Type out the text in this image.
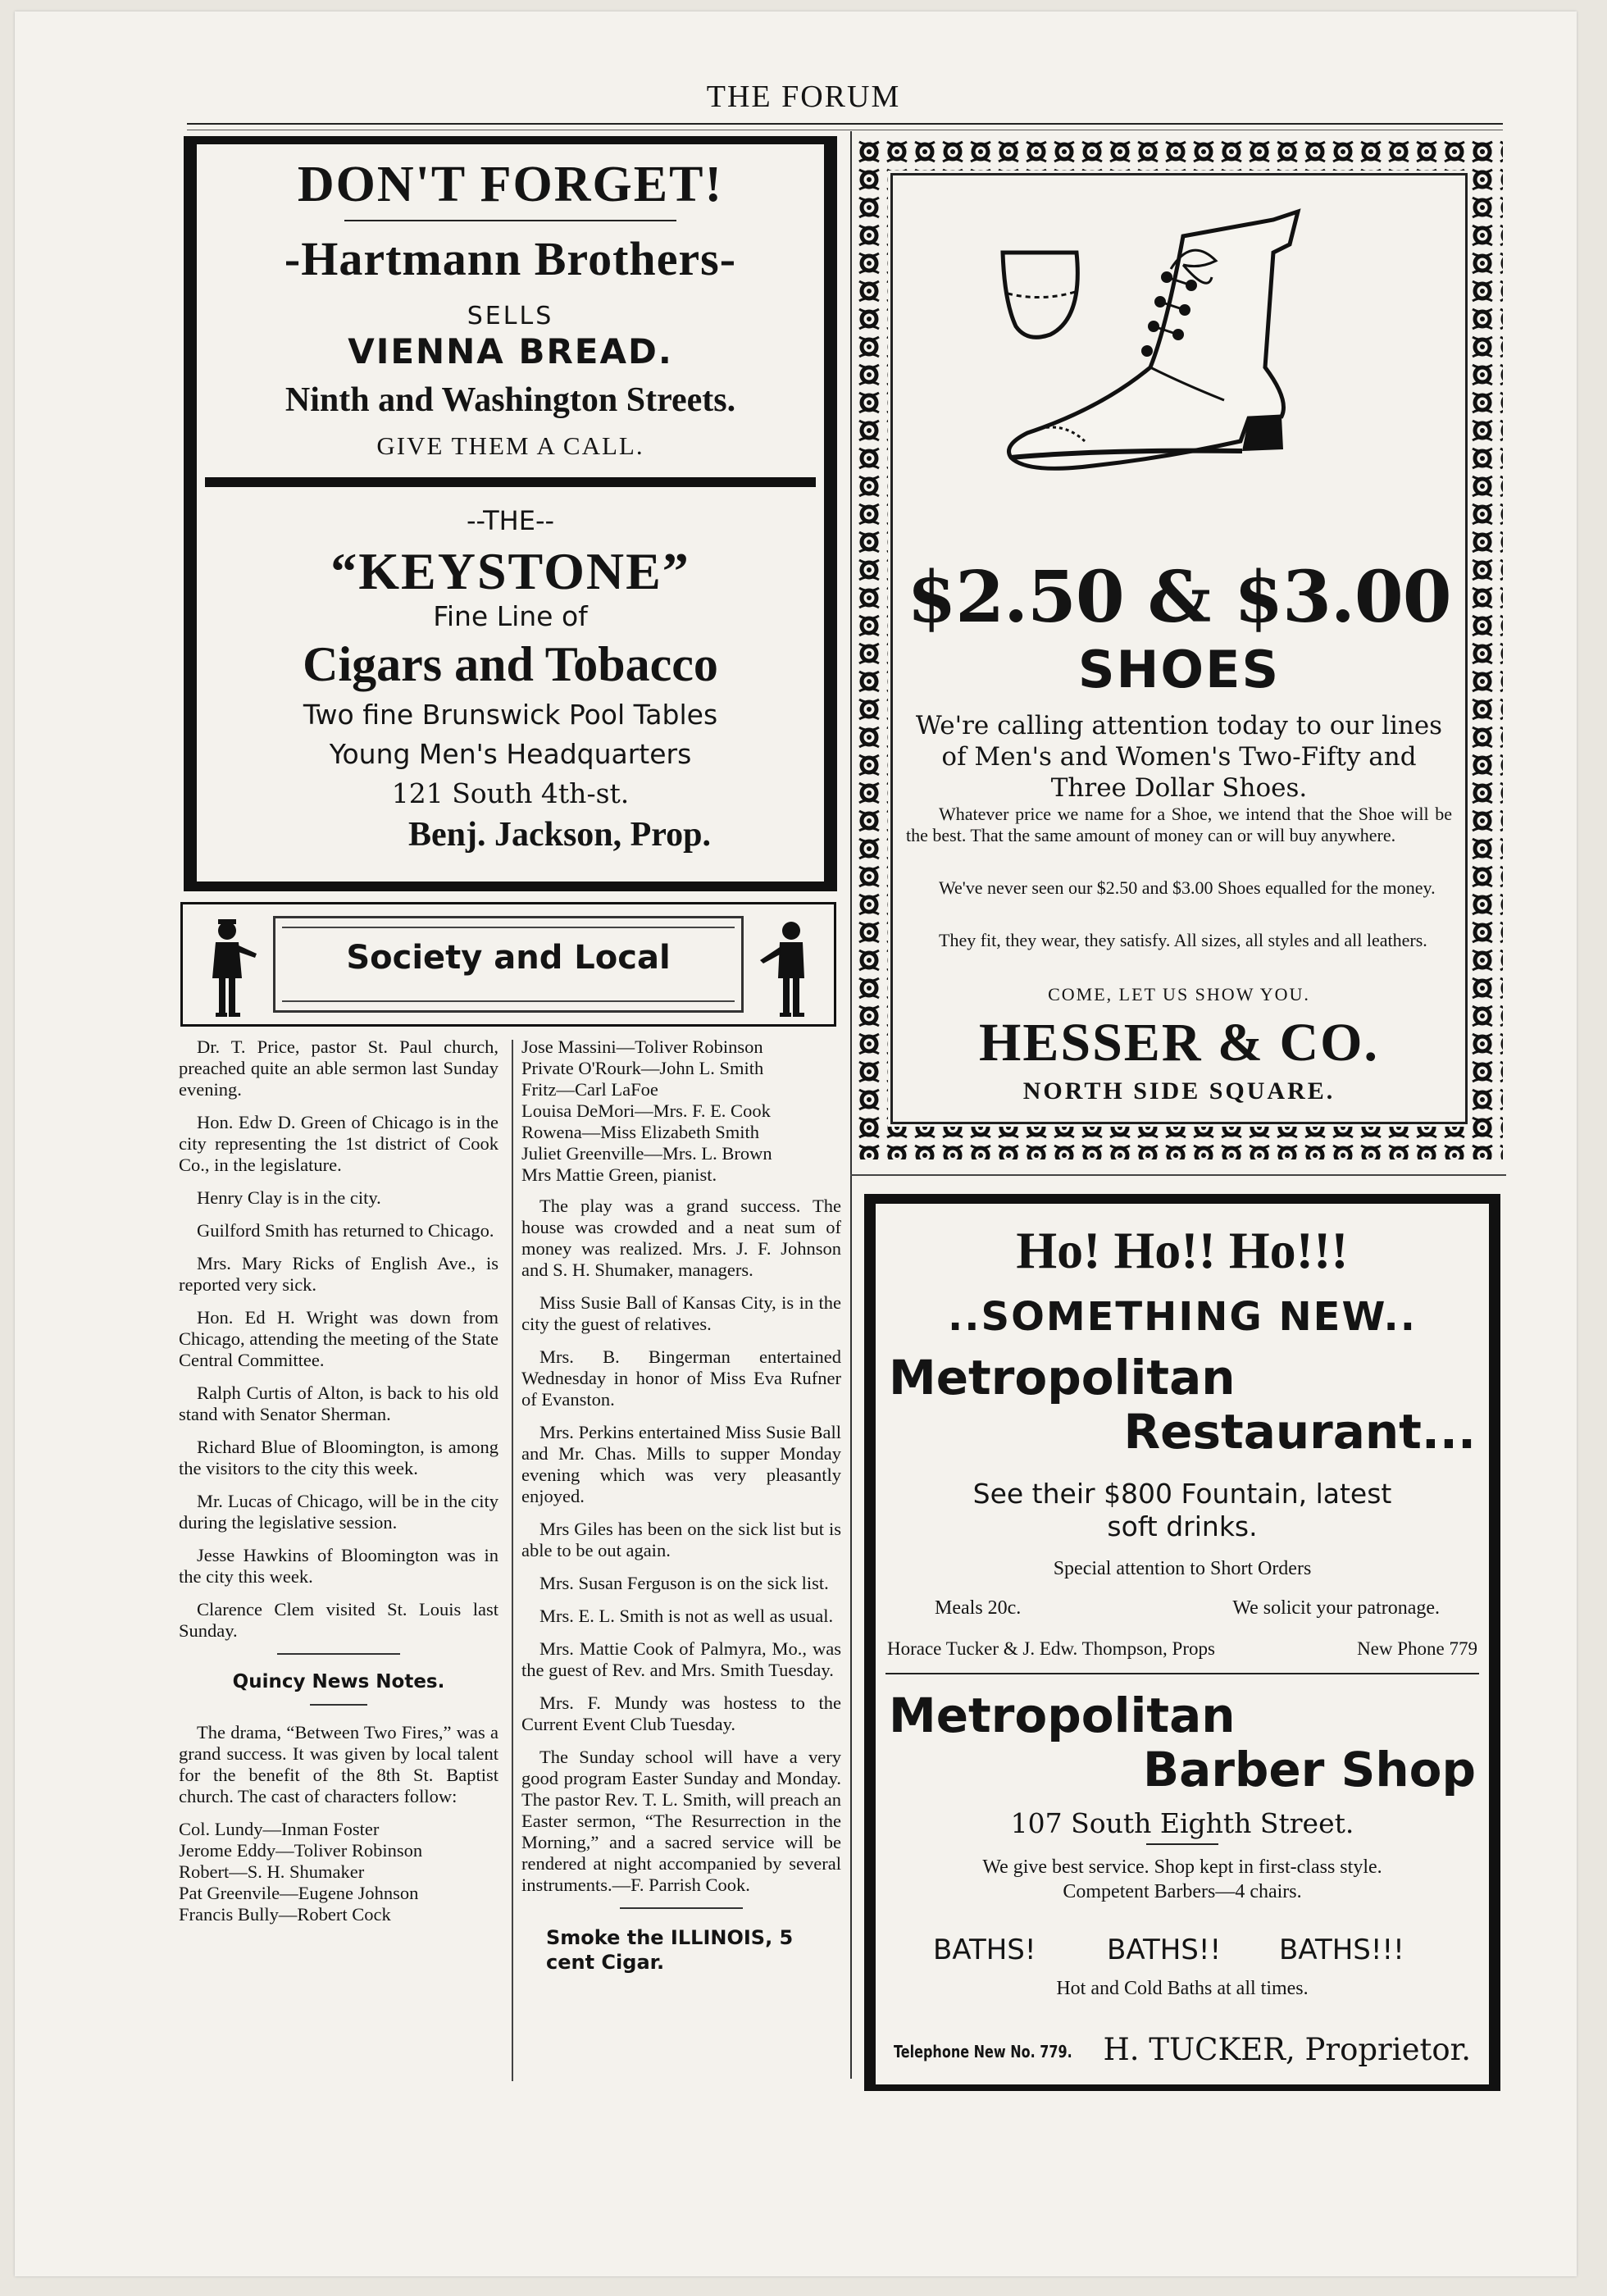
THE FORUM
DON'T FORGET!
-Hartmann Brothers-
SELLS
VIENNA BREAD.
Ninth and Washington Streets.
GIVE THEM A CALL.
--THE--
“KEYSTONE”
Fine Line of
Cigars and Tobacco
Two fine Brunswick Pool Tables
Young Men's Headquarters
121 South 4th-st.
Benj. Jackson, Prop.
Society and Local

Dr. T. Price, pastor St. Paul church, preached quite an able sermon last Sunday evening.

Hon. Edw D. Green of Chicago is in the city representing the 1st district of Cook Co., in the legislature.

Henry Clay is in the city.

Guilford Smith has returned to Chicago.

Mrs. Mary Ricks of English Ave., is reported very sick.

Hon. Ed H. Wright was down from Chicago, attending the meeting of the State Central Committee.

Ralph Curtis of Alton, is back to his old stand with Senator Sherman.

Richard Blue of Bloomington, is among the visitors to the city this week.

Mr. Lucas of Chicago, will be in the city during the legislative session.

Jesse Hawkins of Bloomington was in the city this week.

Clarence Clem visited St. Louis last Sunday.

Quincy News Notes.

The drama, “Between Two Fires,” was a grand success. It was given by local talent for the benefit of the 8th St. Baptist church. The cast of characters follow:

Col. Lundy—Inman Foster
Jerome Eddy—Toliver Robinson
Robert—S. H. Shumaker
Pat Greenvile—Eugene Johnson
Francis Bully—Robert Cock
Jose Massini—Toliver Robinson
Private O'Rourk—John L. Smith
Fritz—Carl LaFoe
Louisa DeMori—Mrs. F. E. Cook
Rowena—Miss Elizabeth Smith
Juliet Greenville—Mrs. L. Brown
Mrs Mattie Green, pianist.

The play was a grand success. The house was crowded and a neat sum of money was realized. Mrs. J. F. Johnson and S. H. Shumaker, managers.

Miss Susie Ball of Kansas City, is in the city the guest of relatives.

Mrs. B. Bingerman entertained Wednesday in honor of Miss Eva Rufner of Evanston.

Mrs. Perkins entertained Miss Susie Ball and Mr. Chas. Mills to supper Monday evening which was very pleasantly enjoyed.

Mrs Giles has been on the sick list but is able to be out again.

Mrs. Susan Ferguson is on the sick list.

Mrs. E. L. Smith is not as well as usual.

Mrs. Mattie Cook of Palmyra, Mo., was the guest of Rev. and Mrs. Smith Tuesday.

Mrs. F. Mundy was hostess to the Current Event Club Tuesday.

The Sunday school will have a very good program Easter Sunday and Monday. The pastor Rev. T. L. Smith, will preach an Easter sermon, “The Resurrection in the Morning,” and a sacred service will be rendered at night accompanied by several instruments.—F. Parrish Cook.

Smoke the ILLINOIS, 5 cent Cigar.
$2.50 & $3.00
SHOES
We're calling attention today to our lines of Men's and Women's Two-Fifty and Three Dollar Shoes.
Whatever price we name for a Shoe, we intend that the Shoe will be the best. That the same amount of money can or will buy anywhere.
We've never seen our $2.50 and $3.00 Shoes equalled for the money.
They fit, they wear, they satisfy. All sizes, all styles and all leathers.
COME, LET US SHOW YOU.
HESSER & CO.
NORTH SIDE SQUARE.
Ho! Ho!! Ho!!!
..SOMETHING NEW..
Metropolitan
Restaurant...
See their $800 Fountain, latest
soft drinks.
Special attention to Short Orders
Meals 20c.	We solicit your patronage.
Horace Tucker & J. Edw. Thompson, Props	New Phone 779
Metropolitan
Barber Shop
107 South Eighth Street.
We give best service. Shop kept in first-class style.
Competent Barbers—4 chairs.
BATHS!	BATHS!! BATHS!!!
Hot and Cold Baths at all times.
Telephone New No. 779. H. TUCKER, Proprietor.
